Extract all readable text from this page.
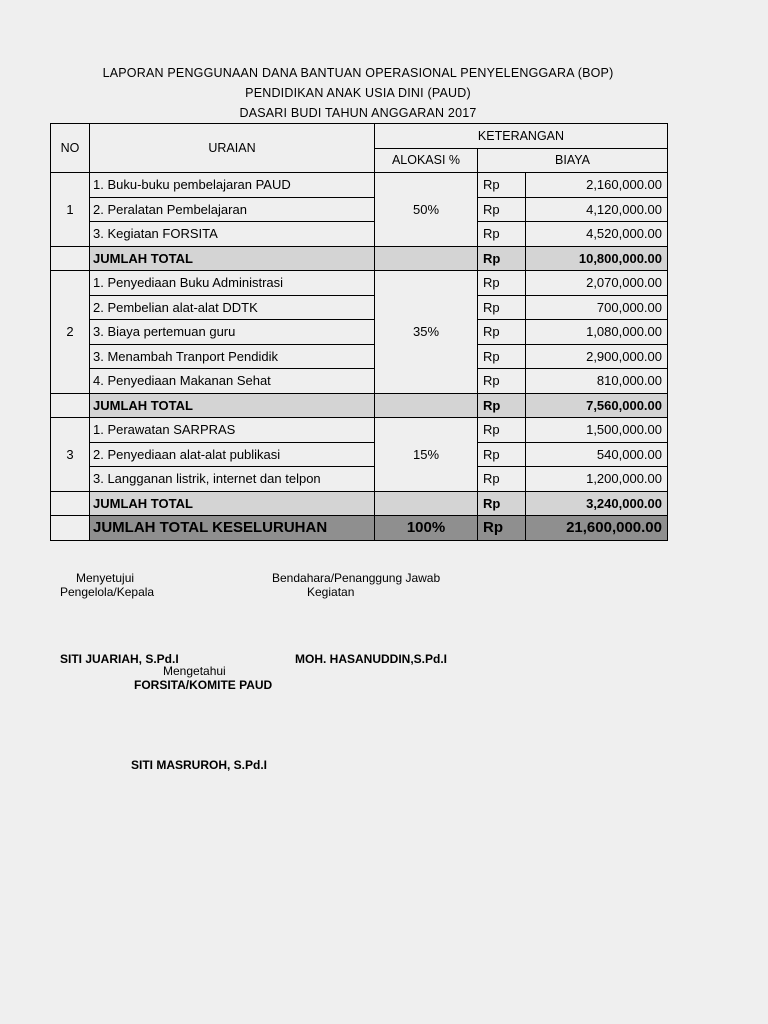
LAPORAN PENGGUNAAN DANA BANTUAN OPERASIONAL PENYELENGGARA (BOP)
PENDIDIKAN ANAK USIA DINI (PAUD)
DASARI BUDI TAHUN ANGGARAN 2017
NO	URAIAN	KETERANGAN		
		ALOKASI %	BIAYA	
1	1. Buku-buku pembelajaran PAUD	50%	Rp	2,160,000.00
	2. Peralatan Pembelajaran		Rp	4,120,000.00
	3. Kegiatan FORSITA		Rp	4,520,000.00
	JUMLAH TOTAL		Rp	10,800,000.00
2	1. Penyediaan Buku Administrasi	35%	Rp	2,070,000.00
	2. Pembelian alat-alat DDTK		Rp	700,000.00
	3. Biaya pertemuan guru		Rp	1,080,000.00
	3. Menambah Tranport Pendidik		Rp	2,900,000.00
	4. Penyediaan Makanan Sehat		Rp	810,000.00
	JUMLAH TOTAL		Rp	7,560,000.00
3	1. Perawatan SARPRAS	15%	Rp	1,500,000.00
	2. Penyediaan alat-alat publikasi		Rp	540,000.00
	3. Langganan listrik, internet dan telpon		Rp	1,200,000.00
	JUMLAH TOTAL		Rp	3,240,000.00
	JUMLAH TOTAL KESELURUHAN	100%	Rp	21,600,000.00
Menyetujui
Pengelola/Kepala
Bendahara/Penanggung Jawab
Kegiatan
SITI JUARIAH, S.Pd.I	MOH. HASANUDDIN,S.Pd.I
Mengetahui
FORSITA/KOMITE PAUD
SITI MASRUROH, S.Pd.I
